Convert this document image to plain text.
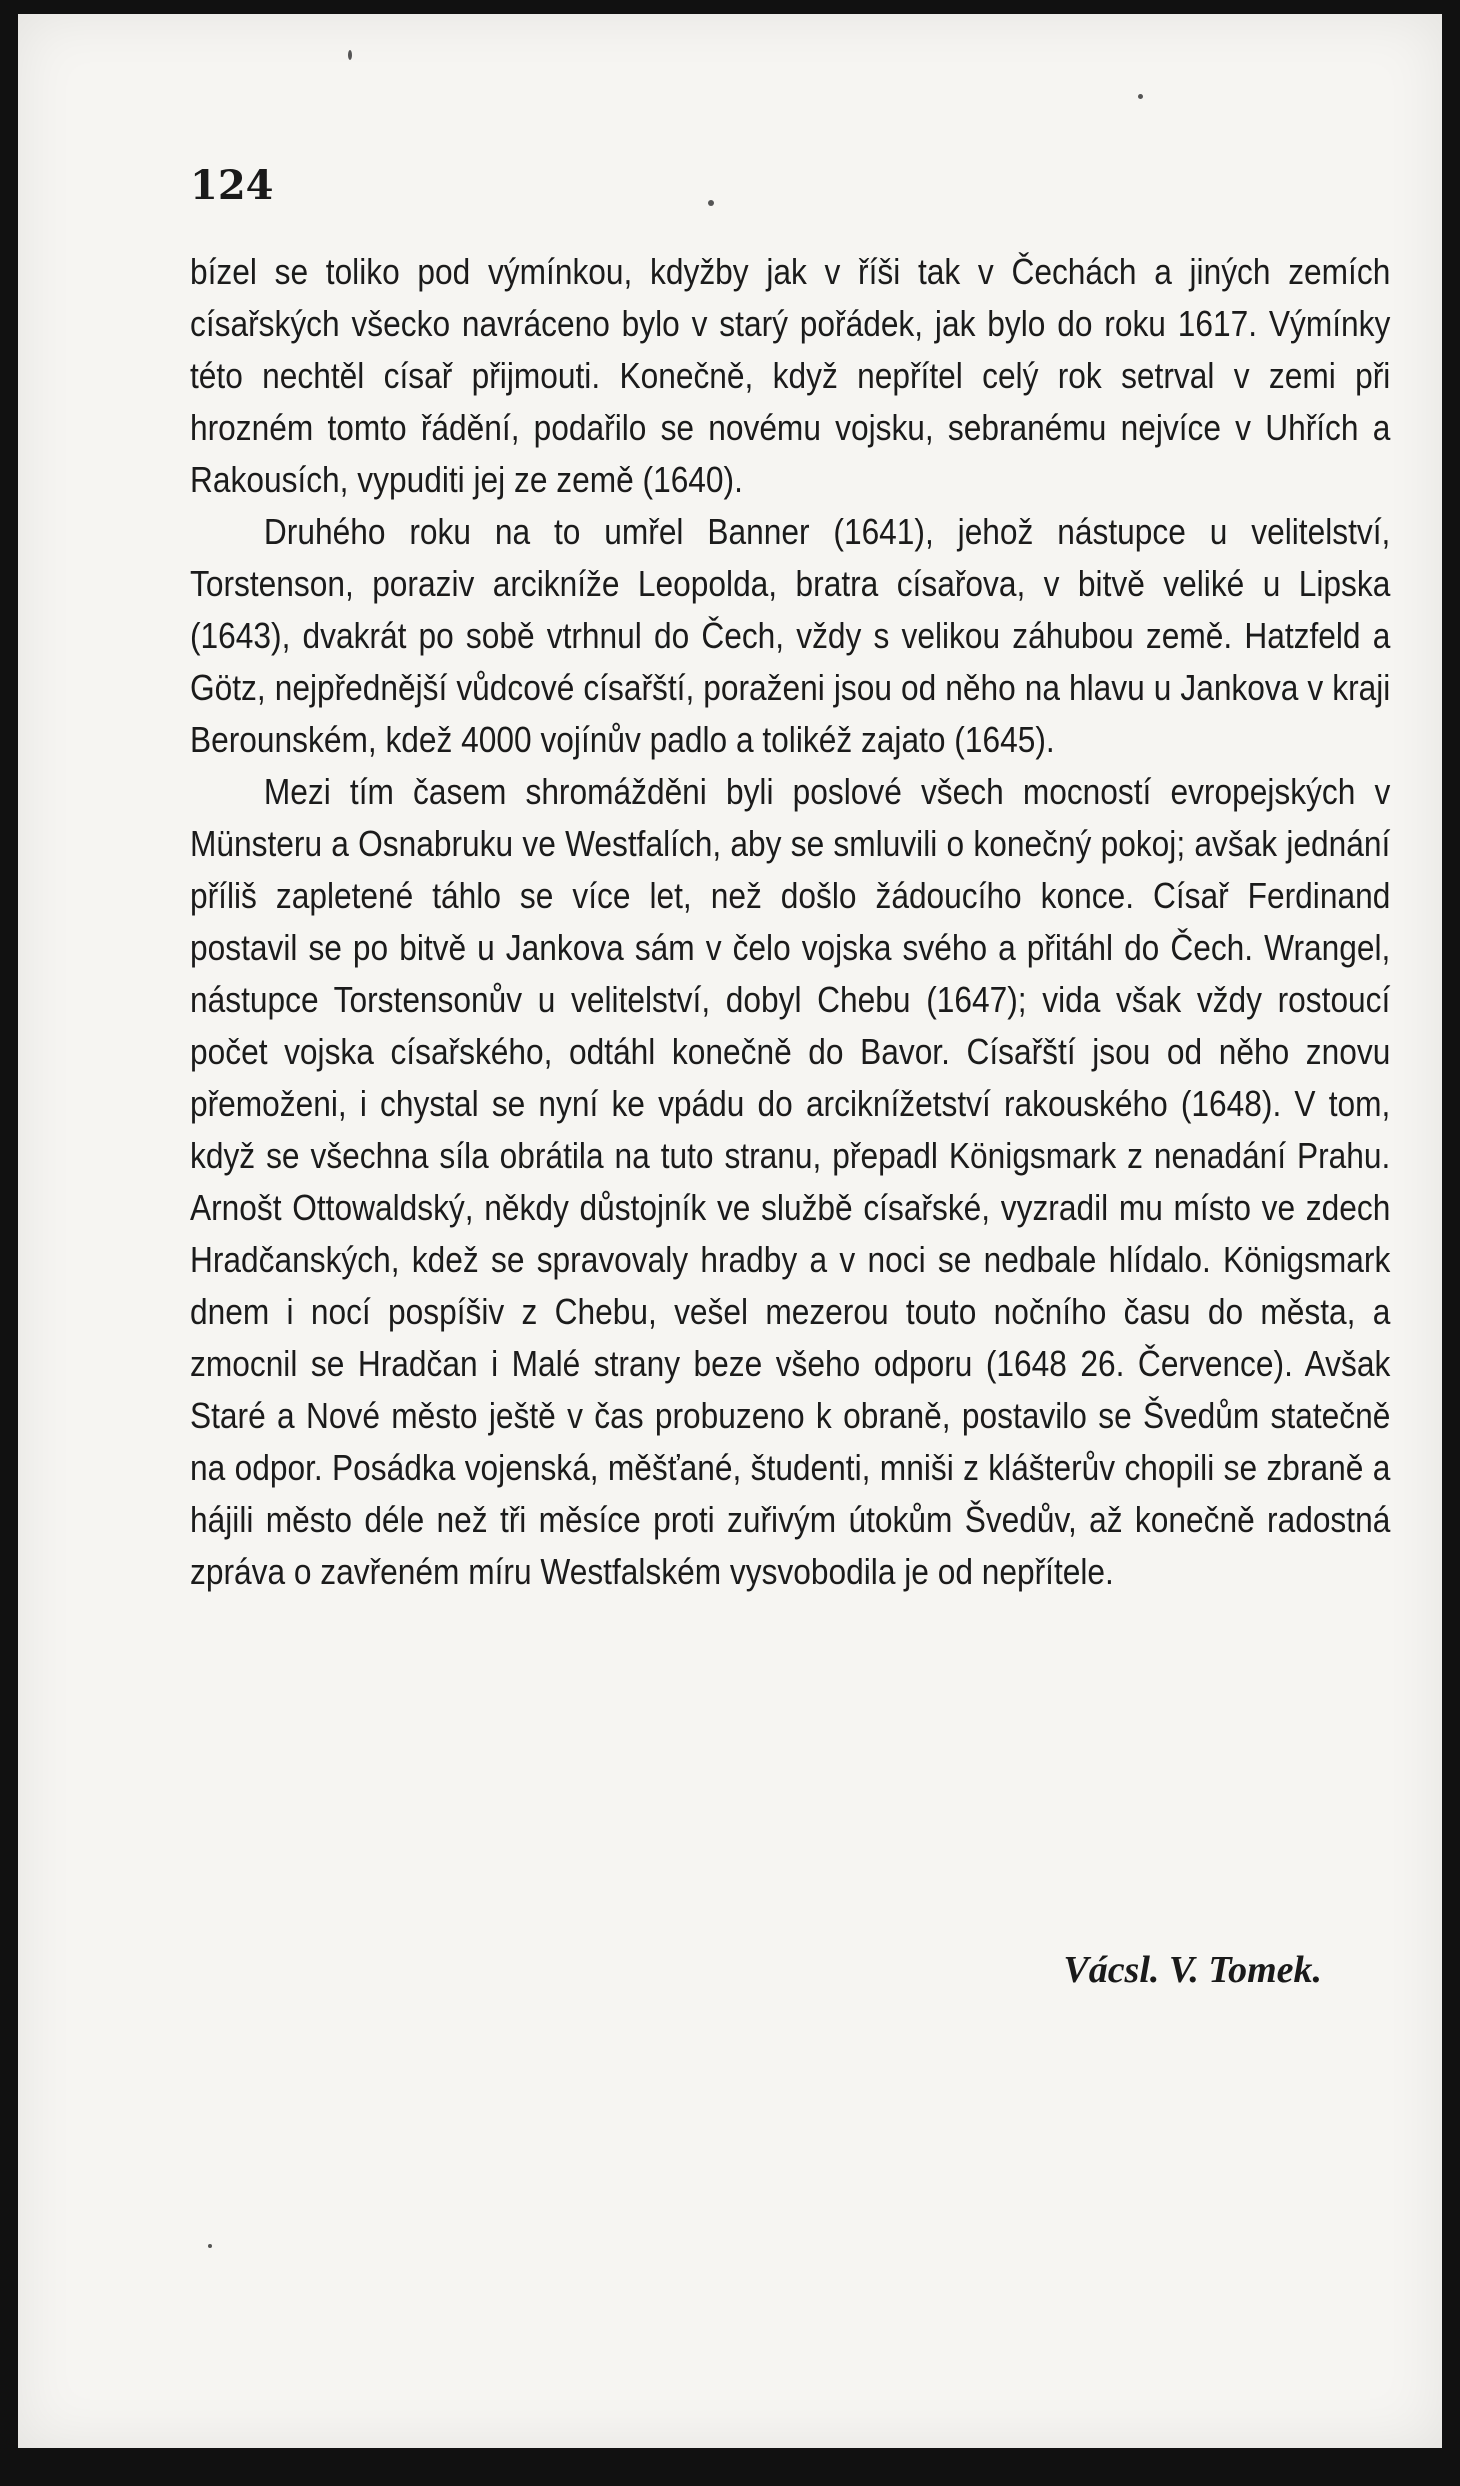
124

bízel se toliko pod výmínkou, kdyžby jak v říši tak v Čechách a jiných zemích císařských všecko navráceno bylo v starý pořádek, jak bylo do roku 1617. Výmínky této nechtěl císař přijmouti. Konečně, když nepřítel celý rok setrval v zemi při hrozném tomto řádění, podařilo se novému vojsku, sebranému nejvíce v Uhřích a Rakousích, vypuditi jej ze země (1640).

Druhého roku na to umřel Banner (1641), jehož nástupce u velitelství, Torstenson, poraziv arcikníže Leopolda, bratra císařova, v bitvě veliké u Lipska (1643), dvakrát po sobě vtrhnul do Čech, vždy s velikou záhubou země. Hatzfeld a Götz, nejpřednější vůdcové císařští, poraženi jsou od něho na hlavu u Jankova v kraji Berounském, kdež 4000 vojínův padlo a tolikéž zajato (1645).

Mezi tím časem shromážděni byli poslové všech mocností evropejských v Münsteru a Osnabruku ve Westfalích, aby se smluvili o konečný pokoj; avšak jednání příliš zapletené táhlo se více let, než došlo žádoucího konce. Císař Ferdinand postavil se po bitvě u Jankova sám v čelo vojska svého a přitáhl do Čech. Wrangel, nástupce Torstensonův u velitelství, dobyl Chebu (1647); vida však vždy rostoucí počet vojska císařského, odtáhl konečně do Bavor. Císařští jsou od něho znovu přemoženi, i chystal se nyní ke vpádu do arciknížetství rakouského (1648). V tom, když se všechna síla obrátila na tuto stranu, přepadl Königsmark z nenadání Prahu. Arnošt Ottowaldský, někdy důstojník ve službě císařské, vyzradil mu místo ve zdech Hradčanských, kdež se spravovaly hradby a v noci se nedbale hlídalo. Königsmark dnem i nocí pospíšiv z Chebu, vešel mezerou touto nočního času do města, a zmocnil se Hradčan i Malé strany beze všeho odporu (1648 26. Července). Avšak Staré a Nové město ještě v čas probuzeno k obraně, postavilo se Švedům statečně na odpor. Posádka vojenská, měšťané, študenti, mniši z klášterův chopili se zbraně a hájili město déle než tři měsíce proti zuřivým útokům Švedův, až konečně radostná zpráva o zavřeném míru Westfalském vysvobodila je od nepřítele.

Vácsl. V. Tomek.
